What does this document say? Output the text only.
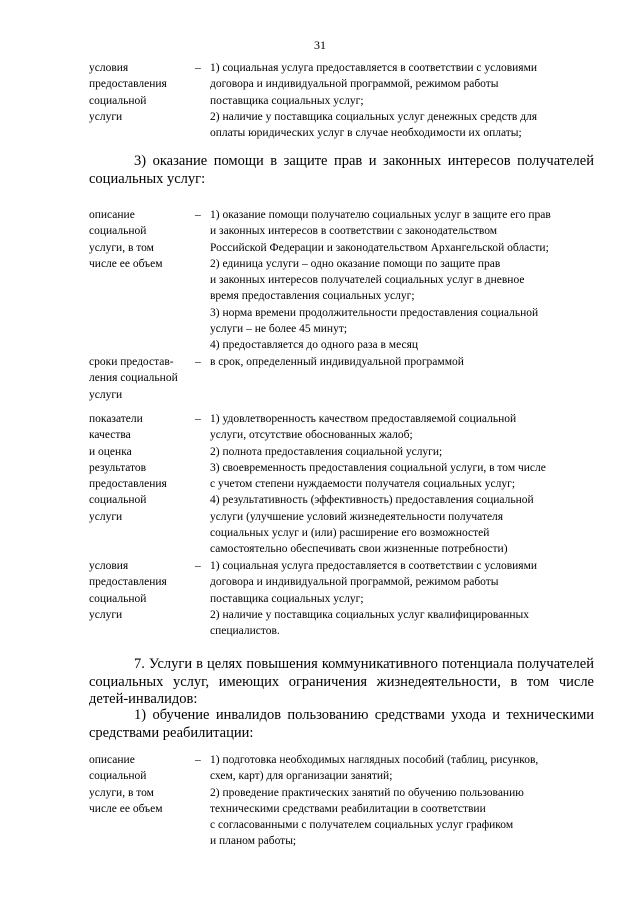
31
условия
предоставления
социальной
услуги
– 1) социальная услуга предоставляется в соответствии с условиями
договора и индивидуальной программой, режимом работы
поставщика социальных услуг;
2) наличие у поставщика социальных услуг денежных средств для
оплаты юридических услуг в случае необходимости их оплаты;
3) оказание помощи в защите прав и законных интересов получателей
социальных услуг:
описание
социальной
услуги, в том
числе ее объем
– 1) оказание помощи получателю социальных услуг в защите его прав
и законных интересов в соответствии с законодательством
Российской Федерации и законодательством Архангельской области;
2) единица услуги – одно оказание помощи по защите прав
и законных интересов получателей социальных услуг в дневное
время предоставления социальных услуг;
3) норма времени продолжительности предоставления социальной
услуги – не более 45 минут;
4) предоставляется до одного раза в месяц
сроки предостав-
ления социальной
услуги
– в срок, определенный индивидуальной программой
показатели
качества
и оценка
результатов
предоставления
социальной
услуги
– 1) удовлетворенность качеством предоставляемой социальной
услуги, отсутствие обоснованных жалоб;
2) полнота предоставления социальной услуги;
3) своевременность предоставления социальной услуги, в том числе
с учетом степени нуждаемости получателя социальных услуг;
4) результативность (эффективность) предоставления социальной
услуги (улучшение условий жизнедеятельности получателя
социальных услуг и (или) расширение его возможностей
самостоятельно обеспечивать свои жизненные потребности)
условия
предоставления
социальной
услуги
– 1) социальная услуга предоставляется в соответствии с условиями
договора и индивидуальной программой, режимом работы
поставщика социальных услуг;
2) наличие у поставщика социальных услуг квалифицированных
специалистов.
7. Услуги в целях повышения коммуникативного потенциала получателей
социальных услуг, имеющих ограничения жизнедеятельности, в том числе
детей-инвалидов:
1) обучение инвалидов пользованию средствами ухода и техническими
средствами реабилитации:
описание
социальной
услуги, в том
числе ее объем
– 1) подготовка необходимых наглядных пособий (таблиц, рисунков,
схем, карт) для организации занятий;
2) проведение практических занятий по обучению пользованию
техническими средствами реабилитации в соответствии
с согласованными с получателем социальных услуг графиком
и планом работы;
